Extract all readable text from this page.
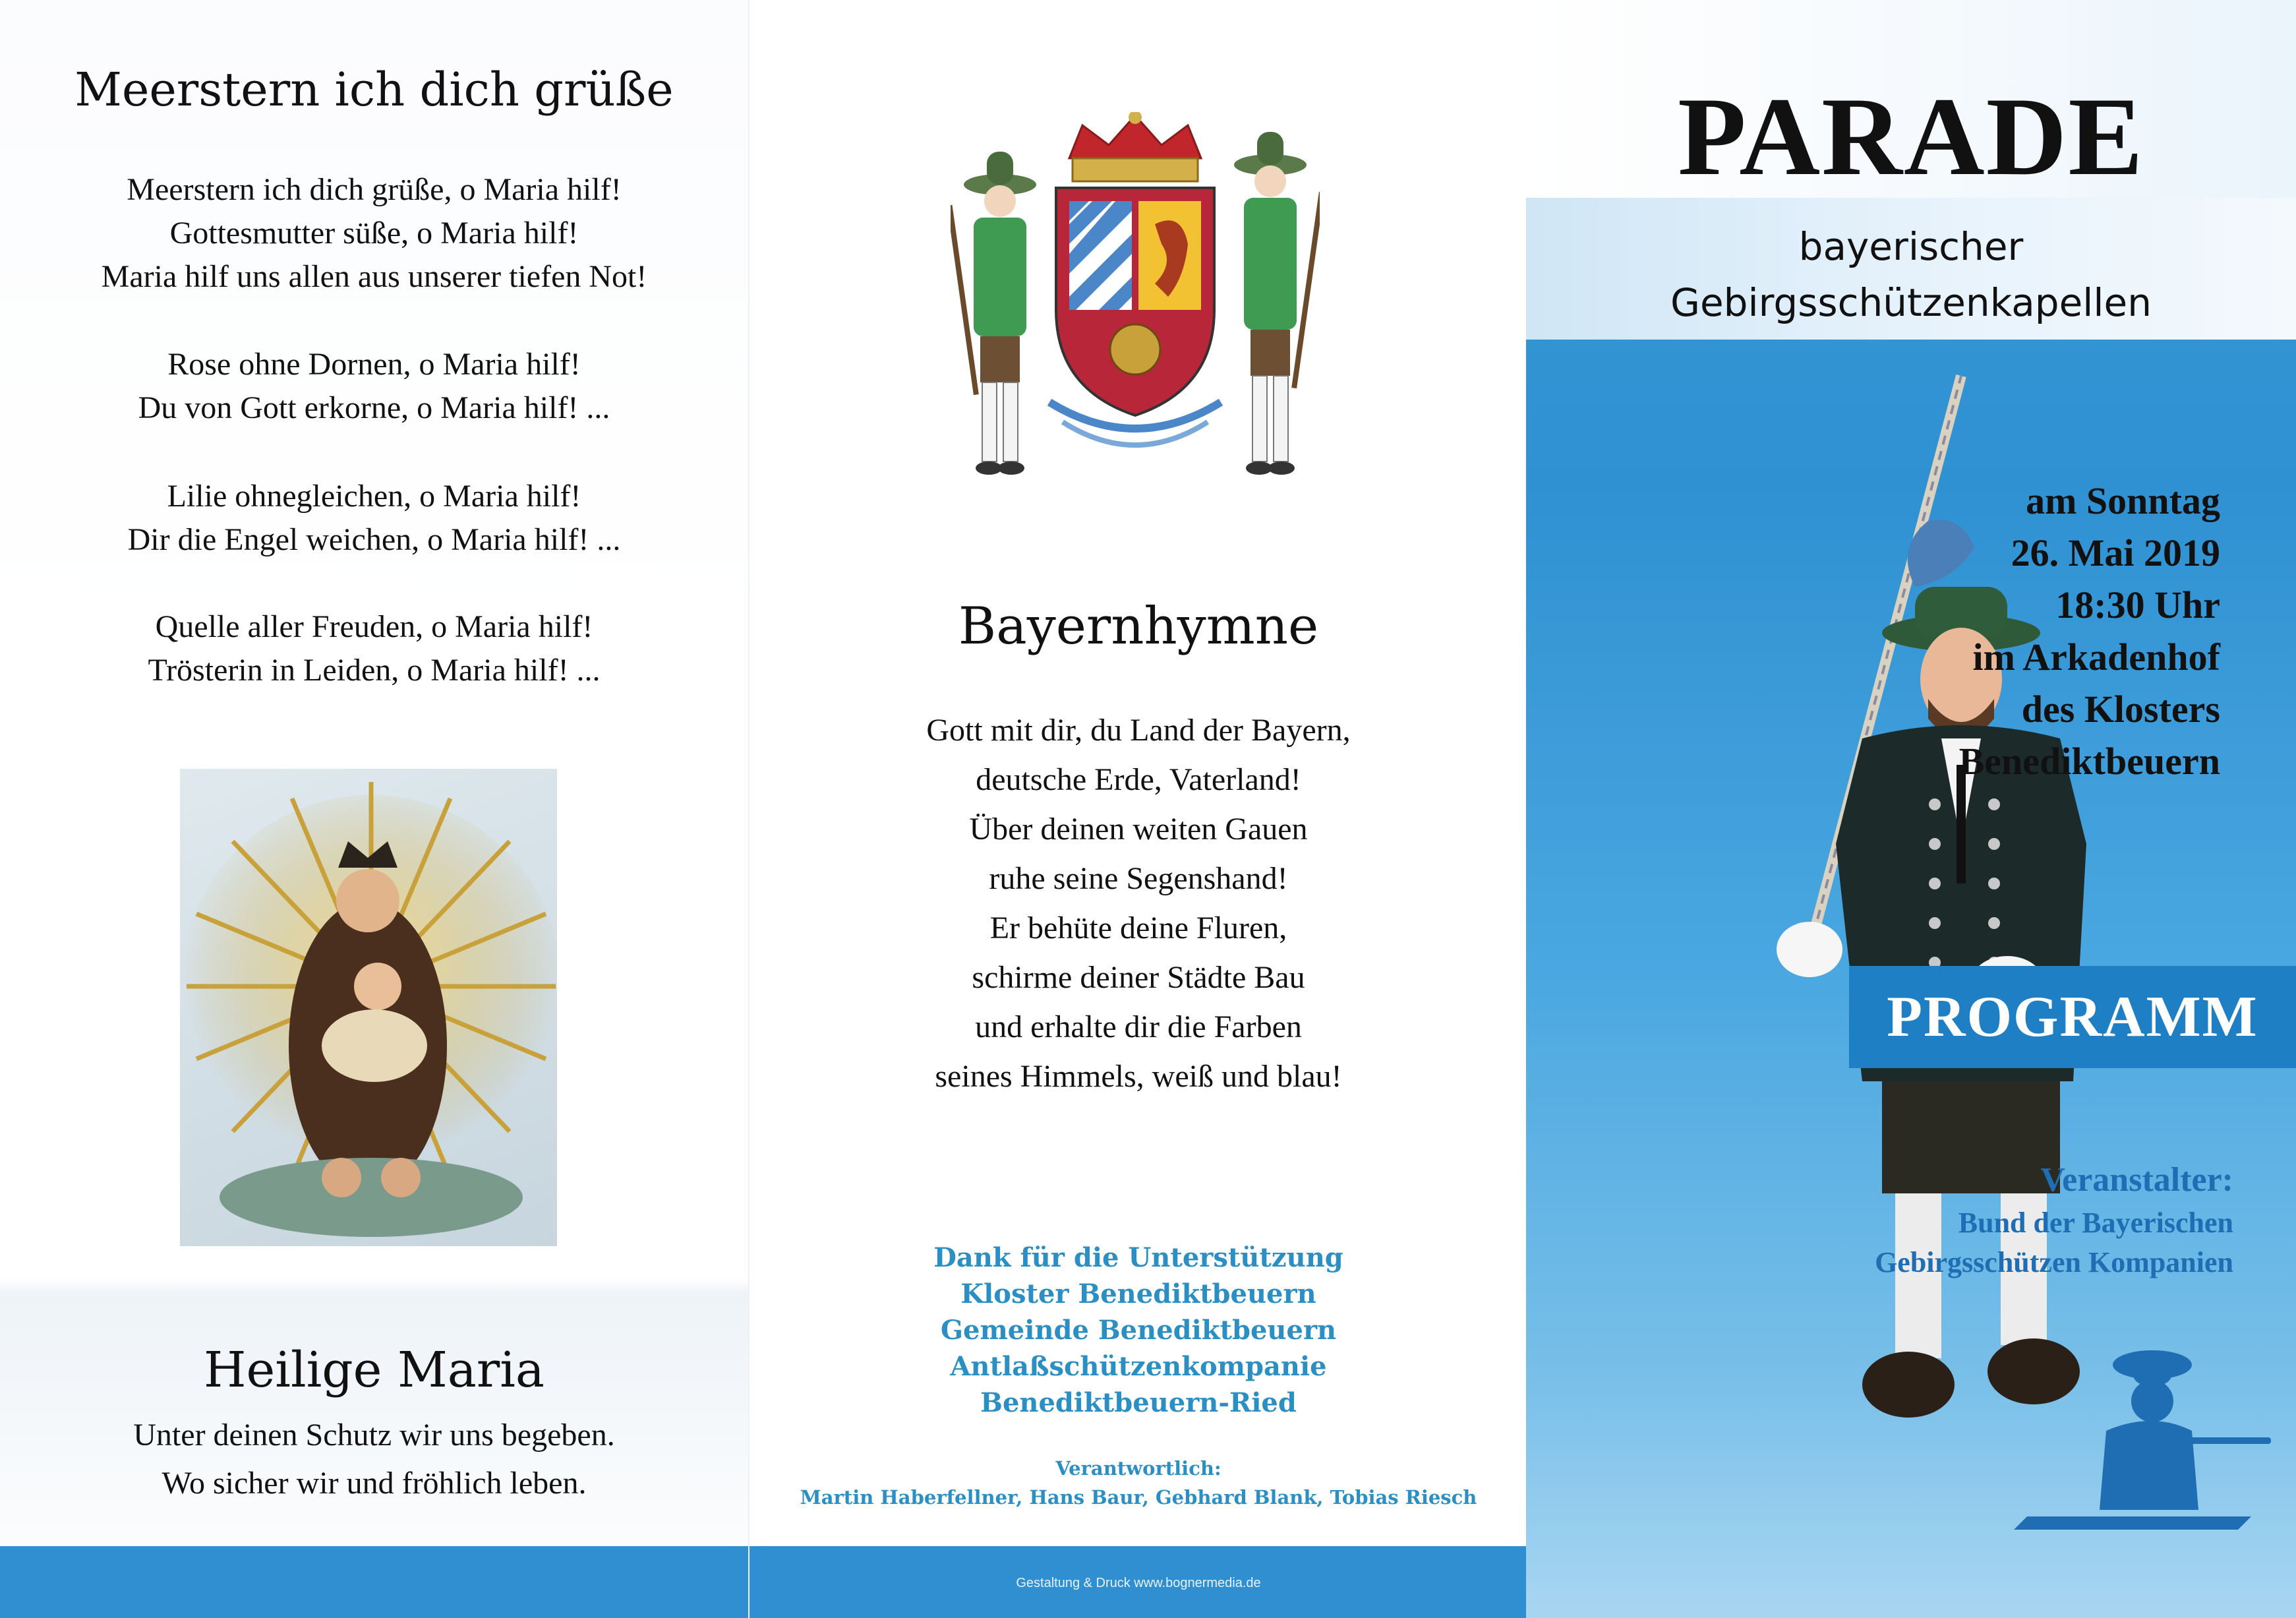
Meerstern ich dich grüße
Meerstern ich dich grüße, o Maria hilf!
Gottesmutter süße, o Maria hilf!
Maria hilf uns allen aus unserer tiefen Not!
Rose ohne Dornen, o Maria hilf!
Du von Gott erkorne, o Maria hilf! ...
Lilie ohnegleichen, o Maria hilf!
Dir die Engel weichen, o Maria hilf! ...
Quelle aller Freuden, o Maria hilf!
Trösterin in Leiden, o Maria hilf! ...
Heilige Maria
Unter deinen Schutz wir uns begeben.
Wo sicher wir und fröhlich leben.
Bayernhymne
Gott mit dir, du Land der Bayern,
deutsche Erde, Vaterland!
Über deinen weiten Gauen
ruhe seine Segenshand!
Er behüte deine Fluren,
schirme deiner Städte Bau
und erhalte dir die Farben
seines Himmels, weiß und blau!
Dank für die Unterstützung
Kloster Benediktbeuern
Gemeinde Benediktbeuern
Antlaßschützenkompanie
Benediktbeuern-Ried
Verantwortlich:
Martin Haberfellner, Hans Baur, Gebhard Blank, Tobias Riesch
Gestaltung & Druck www.bognermedia.de
PARADE
bayerischer
Gebirgsschützenkapellen
am Sonntag
26. Mai 2019
18:30 Uhr
im Arkadenhof
des Klosters
Benediktbeuern
PROGRAMM
Veranstalter:
Bund der Bayerischen
Gebirgsschützen Kompanien
